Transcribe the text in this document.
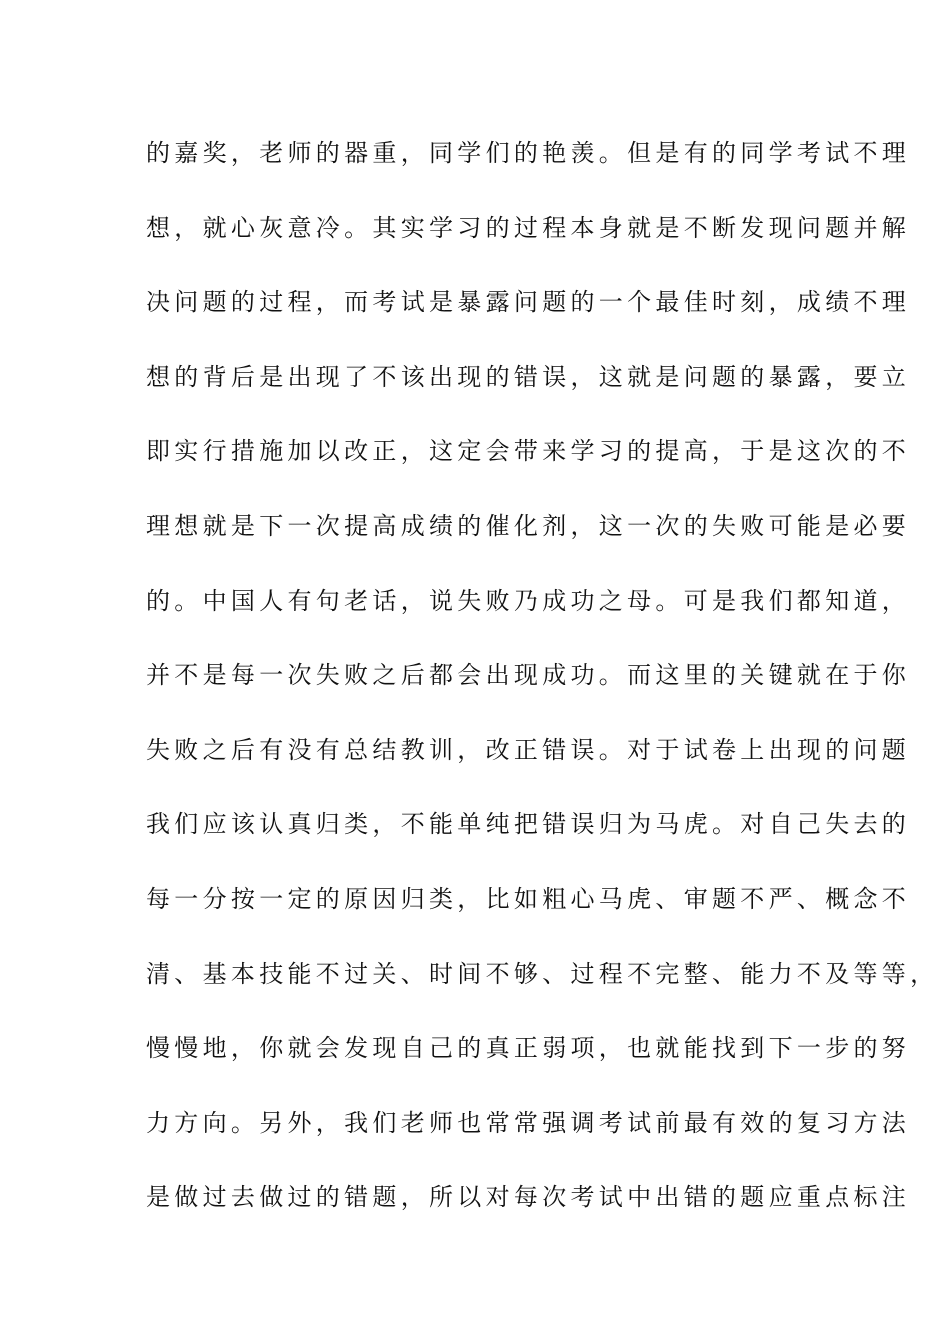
的嘉奖，老师的器重，同学们的艳羡。但是有的同学考试不理
想，就心灰意冷。其实学习的过程本身就是不断发现问题并解
决问题的过程，而考试是暴露问题的一个最佳时刻，成绩不理
想的背后是出现了不该出现的错误，这就是问题的暴露，要立
即实行措施加以改正，这定会带来学习的提高，于是这次的不
理想就是下一次提高成绩的催化剂，这一次的失败可能是必要
的。中国人有句老话，说失败乃成功之母。可是我们都知道，
并不是每一次失败之后都会出现成功。而这里的关键就在于你
失败之后有没有总结教训，改正错误。对于试卷上出现的问题
我们应该认真归类，不能单纯把错误归为马虎。对自己失去的
每一分按一定的原因归类，比如粗心马虎、审题不严、概念不
清、基本技能不过关、时间不够、过程不完整、能力不及等等，
慢慢地，你就会发现自己的真正弱项，也就能找到下一步的努
力方向。另外，我们老师也常常强调考试前最有效的复习方法
是做过去做过的错题，所以对每次考试中出错的题应重点标注
